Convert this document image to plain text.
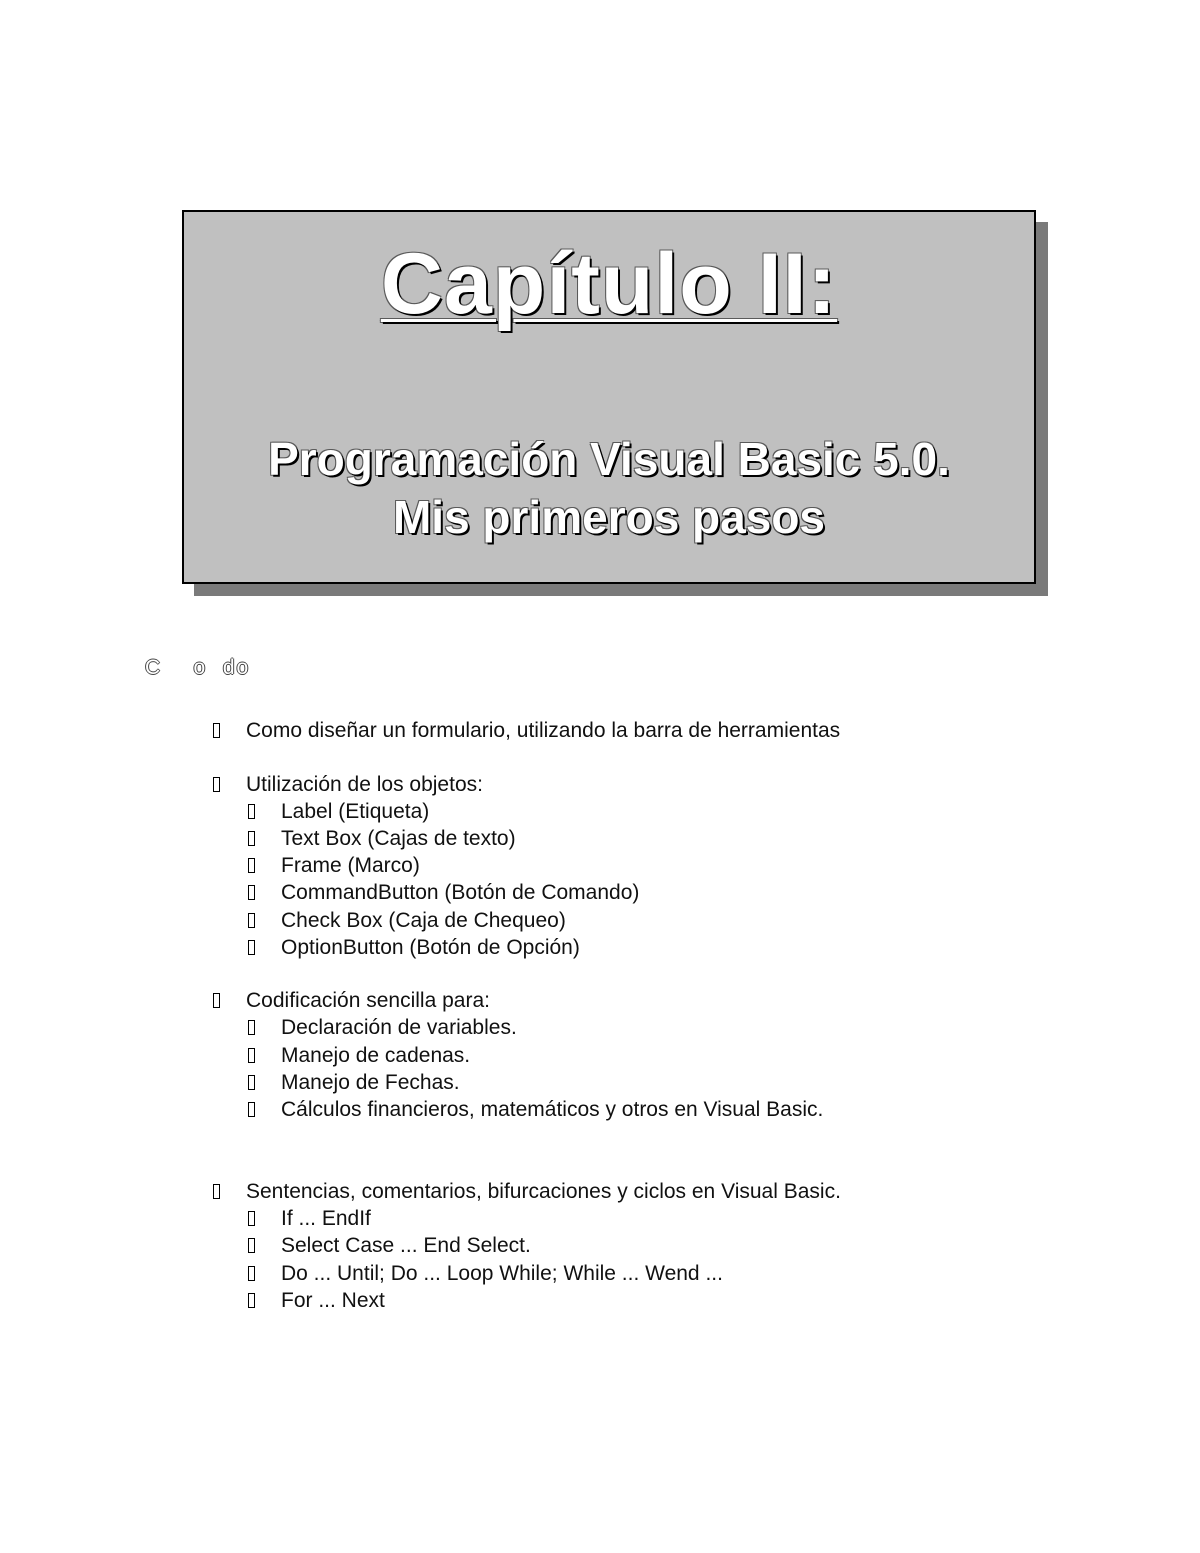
Capítulo II:
Programación Visual Basic 5.0.
Mis primeros pasos
C    o  do
Como diseñar un formulario, utilizando la barra de herramientas
Utilización de los objetos:
Label (Etiqueta)
Text Box (Cajas de texto)
Frame (Marco)
CommandButton (Botón de Comando)
Check Box (Caja de Chequeo)
OptionButton (Botón de Opción)
Codificación sencilla para:
Declaración de variables.
Manejo de cadenas.
Manejo de Fechas.
Cálculos financieros, matemáticos y otros en Visual Basic.
Sentencias, comentarios, bifurcaciones y ciclos en Visual Basic.
If ... EndIf
Select Case ... End Select.
Do ... Until; Do ... Loop While; While ... Wend ...
For ... Next
